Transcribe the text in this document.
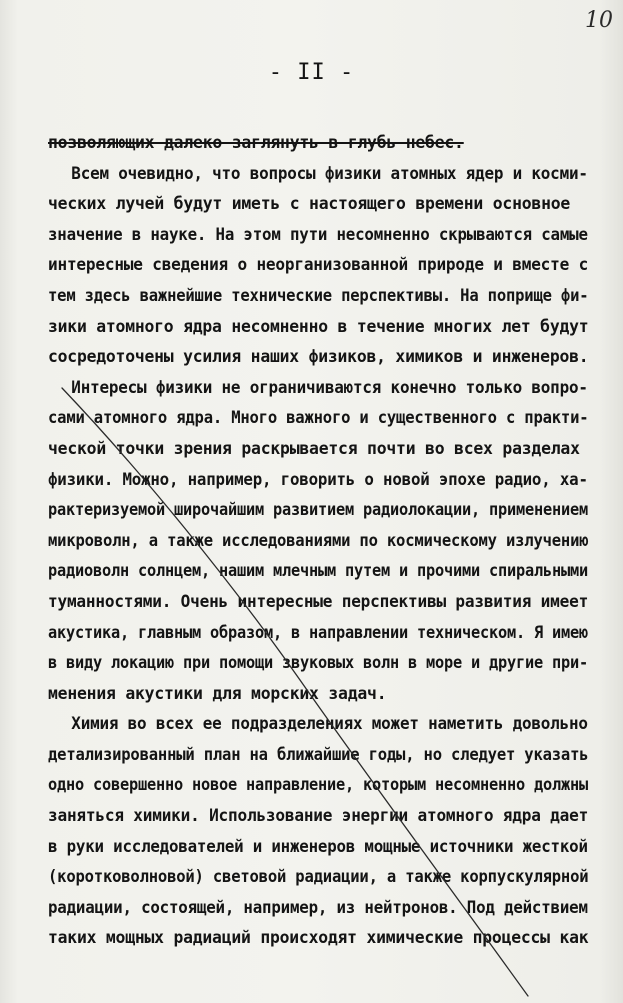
10
- II -
позволяющих далеко заглянуть в глубь небес.
Всем очевидно, что вопросы физики атомных ядер и косми-
ческих лучей будут иметь с настоящего времени основное
значение в науке. На этом пути несомненно скрываются самые
интересные сведения о неорганизованной природе и вместе с
тем здесь важнейшие технические перспективы. На поприще фи-
зики атомного ядра несомненно в течение многих лет будут
сосредоточены усилия наших физиков, химиков и инженеров.
Интересы физики не ограничиваются конечно только вопро-
сами атомного ядра. Много важного и существенного с практи-
ческой точки зрения раскрывается почти во всех разделах
физики. Можно, например, говорить о новой эпохе радио, ха-
рактеризуемой широчайшим развитием радиолокации, применением
микроволн, а также исследованиями по космическому излучению
радиоволн солнцем, нашим млечным путем и прочими спиральными
туманностями. Очень интересные перспективы развития имеет
акустика, главным образом, в направлении техническом. Я имею
в виду локацию при помощи звуковых волн в море и другие при-
менения акустики для морских задач.
Химия во всех ее подразделениях может наметить довольно
детализированный план на ближайшие годы, но следует указать
одно совершенно новое направление, которым несомненно должны
заняться химики. Использование энергии атомного ядра дает
в руки исследователей и инженеров мощные источники жесткой
(коротковолновой) световой радиации, а также корпускулярной
радиации, состоящей, например, из нейтронов. Под действием
таких мощных радиаций происходят химические процессы как
